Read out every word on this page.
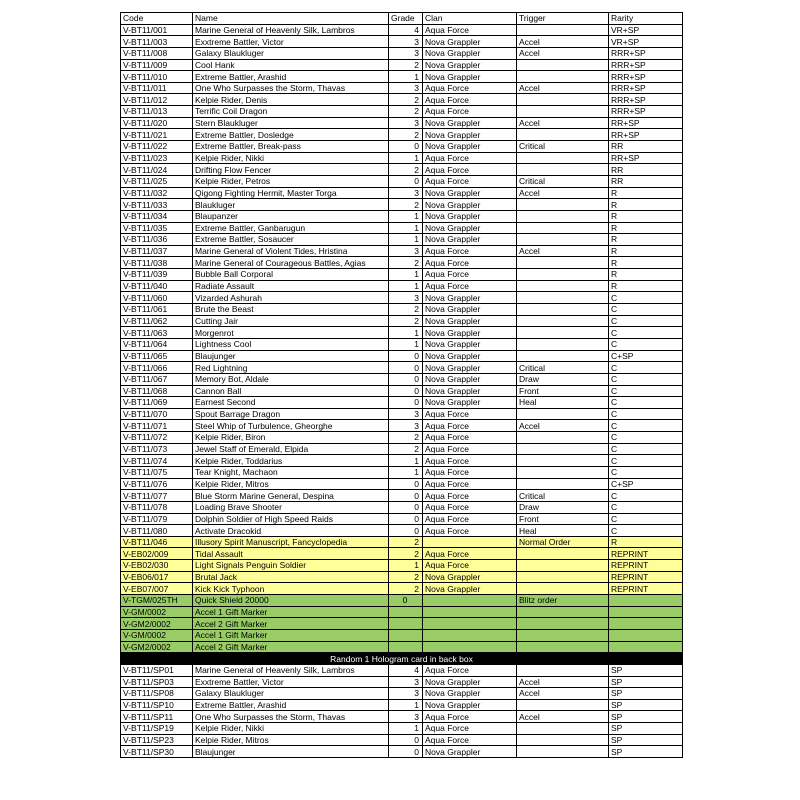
Code	Name	Grade	Clan	Trigger	Rarity
V-BT11/001	Marine General of Heavenly Silk, Lambros	4	Aqua Force		VR+SP
V-BT11/003	Exxtreme Battler, Victor	3	Nova Grappler	Accel	VR+SP
V-BT11/008	Galaxy Blaukluger	3	Nova Grappler	Accel	RRR+SP
V-BT11/009	Cool Hank	2	Nova Grappler		RRR+SP
V-BT11/010	Extreme Battler, Arashid	1	Nova Grappler		RRR+SP
V-BT11/011	One Who Surpasses the Storm, Thavas	3	Aqua Force	Accel	RRR+SP
V-BT11/012	Kelpie Rider, Denis	2	Aqua Force		RRR+SP
V-BT11/013	Terrific Coil Dragon	2	Aqua Force		RRR+SP
V-BT11/020	Stern Blaukluger	3	Nova Grappler	Accel	RR+SP
V-BT11/021	Extreme Battler, Dosledge	2	Nova Grappler		RR+SP
V-BT11/022	Extreme Battler, Break-pass	0	Nova Grappler	Critical	RR
V-BT11/023	Kelpie Rider, Nikki	1	Aqua Force		RR+SP
V-BT11/024	Drifting Flow Fencer	2	Aqua Force		RR
V-BT11/025	Kelpie Rider, Petros	0	Aqua Force	Critical	RR
V-BT11/032	Qigong Fighting Hermit, Master Torga	3	Nova Grappler	Accel	R
V-BT11/033	Blaukluger	2	Nova Grappler		R
V-BT11/034	Blaupanzer	1	Nova Grappler		R
V-BT11/035	Extreme Battler, Ganbarugun	1	Nova Grappler		R
V-BT11/036	Extreme Battler, Sosaucer	1	Nova Grappler		R
V-BT11/037	Marine General of Violent Tides, Hristina	3	Aqua Force	Accel	R
V-BT11/038	Marine General of Courageous Battles, Agias	2	Aqua Force		R
V-BT11/039	Bubble Ball Corporal	1	Aqua Force		R
V-BT11/040	Radiate Assault	1	Aqua Force		R
V-BT11/060	Vizarded Ashurah	3	Nova Grappler		C
V-BT11/061	Brute the Beast	2	Nova Grappler		C
V-BT11/062	Cutting Jair	2	Nova Grappler		C
V-BT11/063	Morgenrot	1	Nova Grappler		C
V-BT11/064	Lightness Cool	1	Nova Grappler		C
V-BT11/065	Blaujunger	0	Nova Grappler		C+SP
V-BT11/066	Red Lightning	0	Nova Grappler	Critical	C
V-BT11/067	Memory Bot, Aldale	0	Nova Grappler	Draw	C
V-BT11/068	Cannon Ball	0	Nova Grappler	Front	C
V-BT11/069	Earnest Second	0	Nova Grappler	Heal	C
V-BT11/070	Spout Barrage Dragon	3	Aqua Force		C
V-BT11/071	Steel Whip of Turbulence, Gheorghe	3	Aqua Force	Accel	C
V-BT11/072	Kelpie Rider, Biron	2	Aqua Force		C
V-BT11/073	Jewel Staff of Emerald, Elpida	2	Aqua Force		C
V-BT11/074	Kelpie Rider, Toddarius	1	Aqua Force		C
V-BT11/075	Tear Knight, Machaon	1	Aqua Force		C
V-BT11/076	Kelpie Rider, Mitros	0	Aqua Force		C+SP
V-BT11/077	Blue Storm Marine General, Despina	0	Aqua Force	Critical	C
V-BT11/078	Loading Brave Shooter	0	Aqua Force	Draw	C
V-BT11/079	Dolphin Soldier of High Speed Raids	0	Aqua Force	Front	C
V-BT11/080	Activate Dracokid	0	Aqua Force	Heal	C
V-BT11/046	Illusory Spirit Manuscript, Fancyclopedia	2		Normal Order	R
V-EB02/009	Tidal Assault	2	Aqua Force		REPRINT
V-EB02/030	Light Signals Penguin Soldier	1	Aqua Force		REPRINT
V-EB06/017	Brutal Jack	2	Nova Grappler		REPRINT
V-EB07/007	Kick Kick Typhoon	2	Nova Grappler		REPRINT
V-TGM/025TH	Quick Shield 20000	0		Blitz order	
V-GM/0002	Accel 1 Gift Marker				
V-GM2/0002	Accel 2 Gift Marker				
V-GM/0002	Accel 1 Gift Marker				
V-GM2/0002	Accel 2 Gift Marker				
Random 1 Hologram card in back box					
V-BT11/SP01	Marine General of Heavenly Silk, Lambros	4	Aqua Force		SP
V-BT11/SP03	Exxtreme Battler, Victor	3	Nova Grappler	Accel	SP
V-BT11/SP08	Galaxy Blaukluger	3	Nova Grappler	Accel	SP
V-BT11/SP10	Extreme Battler, Arashid	1	Nova Grappler		SP
V-BT11/SP11	One Who Surpasses the Storm, Thavas	3	Aqua Force	Accel	SP
V-BT11/SP19	Kelpie Rider, Nikki	1	Aqua Force		SP
V-BT11/SP23	Kelpie Rider, Mitros	0	Aqua Force		SP
V-BT11/SP30	Blaujunger	0	Nova Grappler		SP
